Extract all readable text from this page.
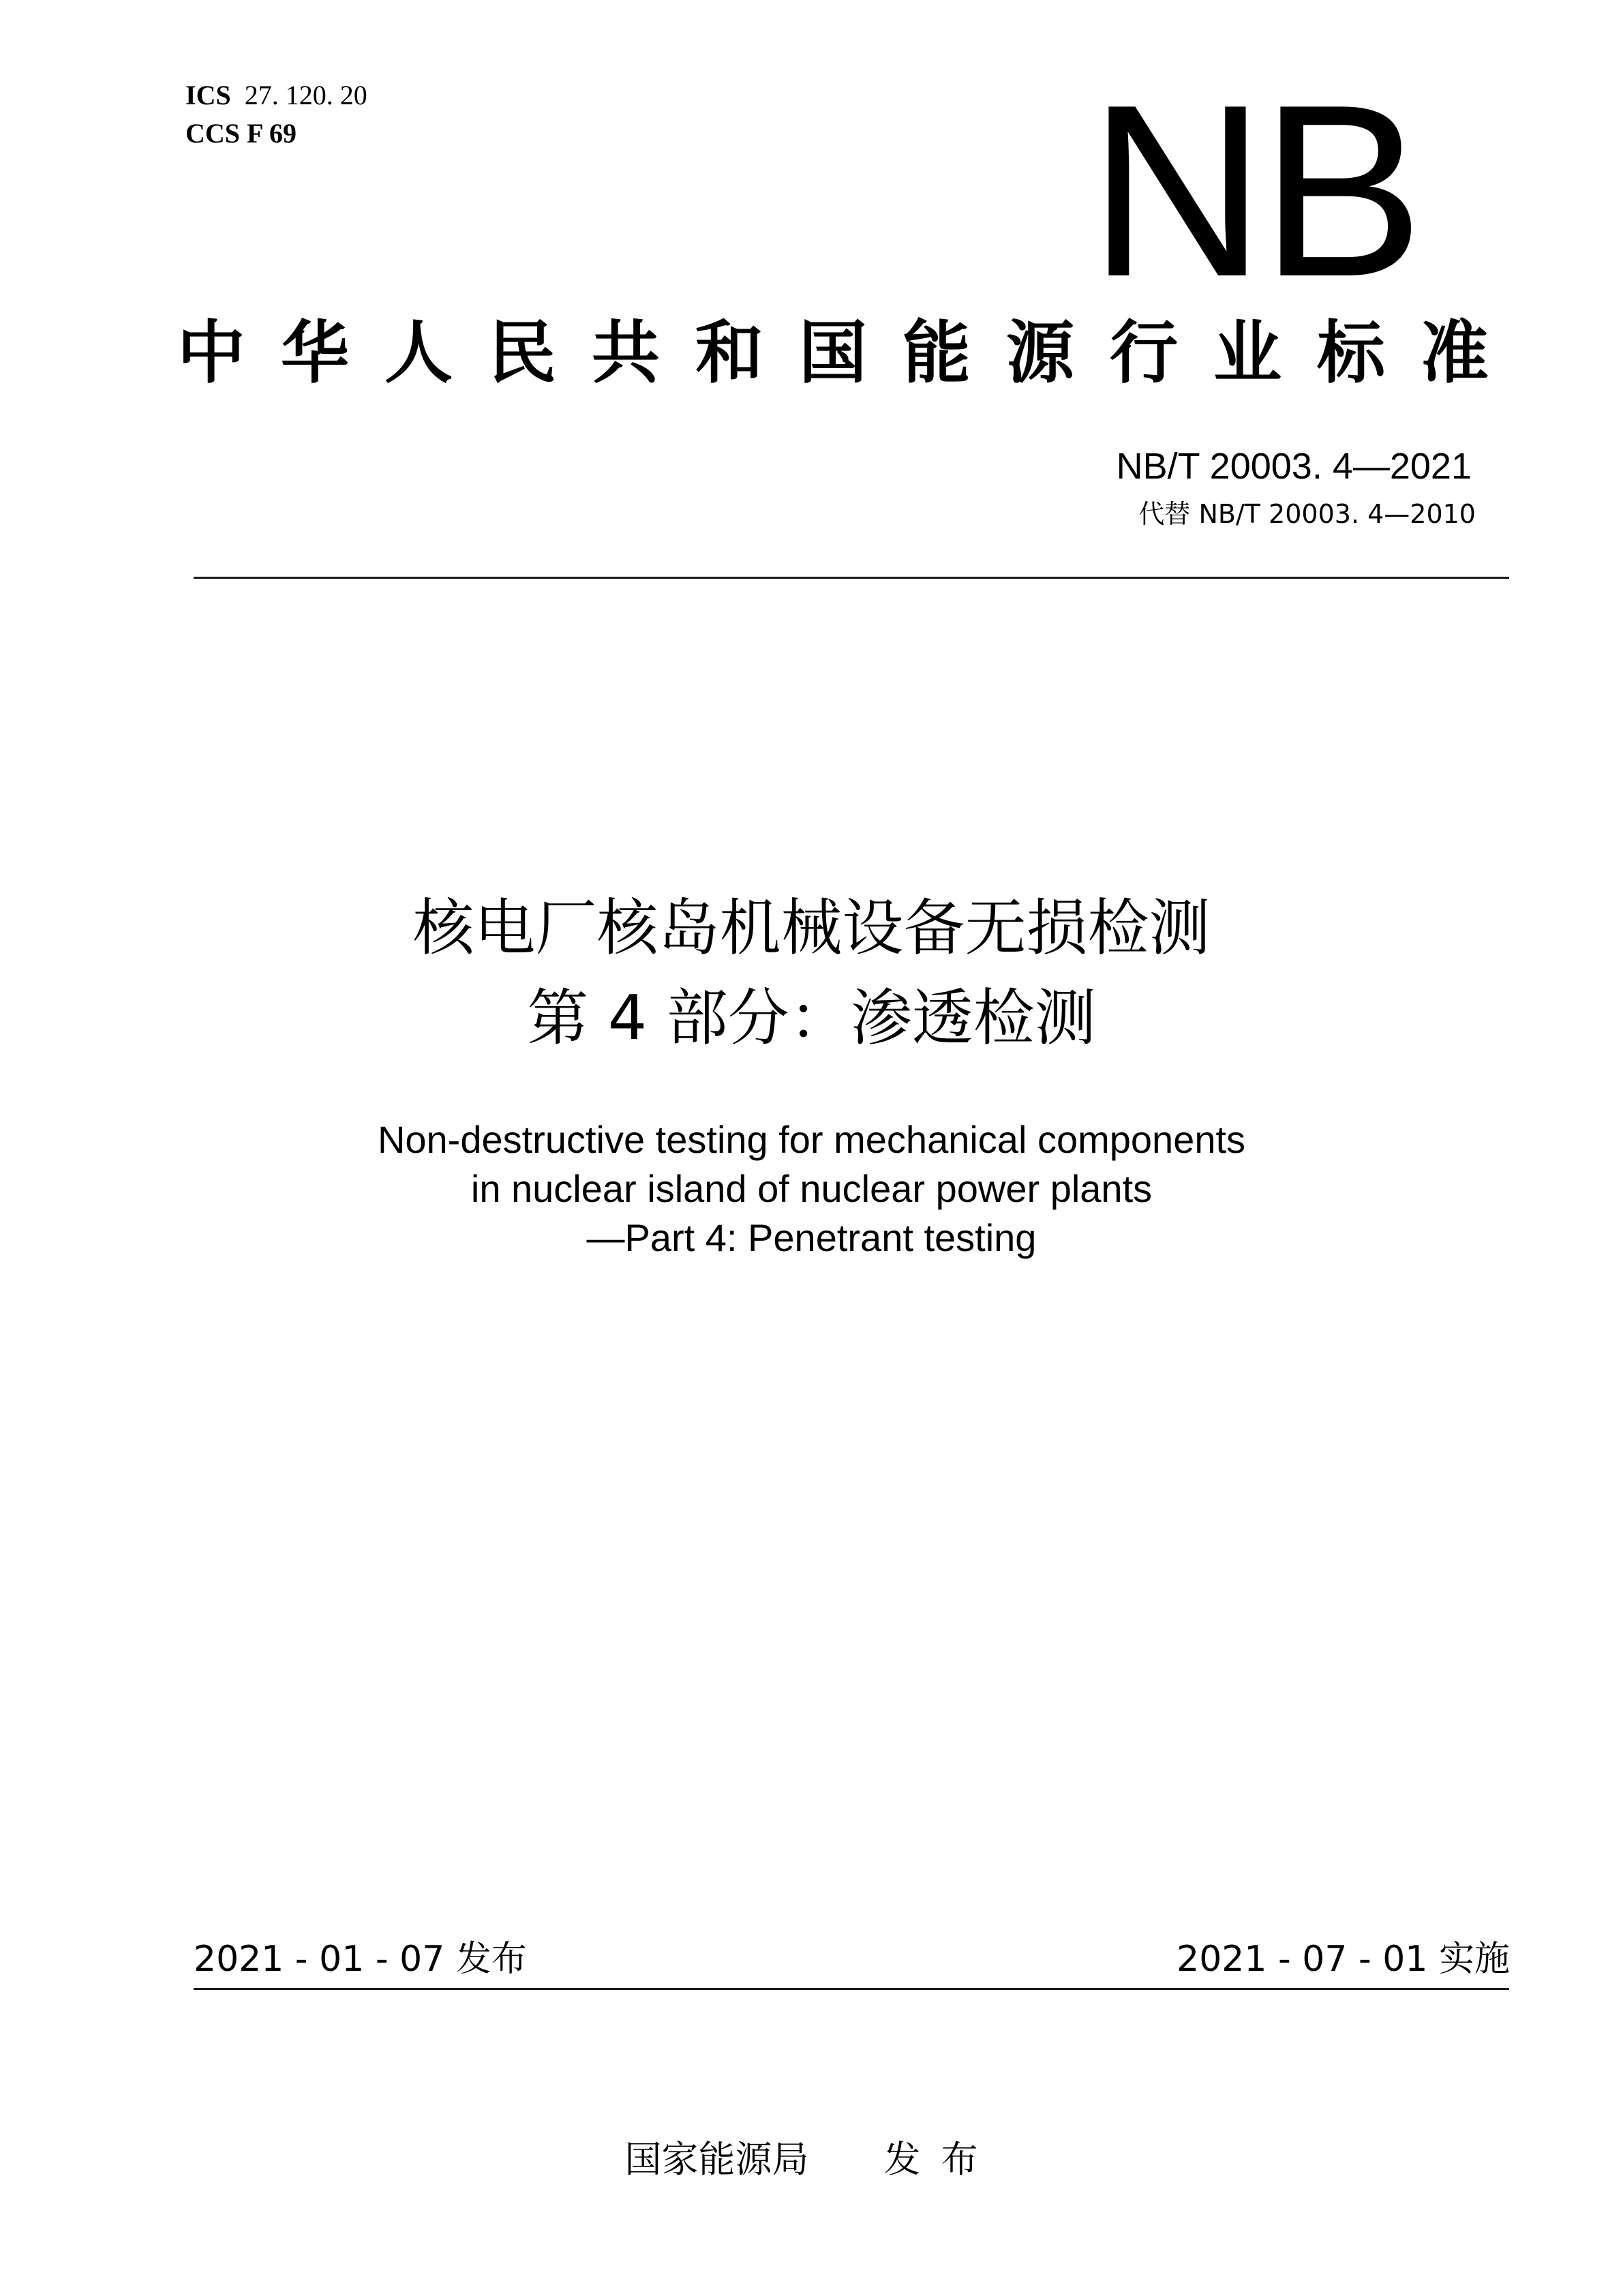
ICS 27. 120. 20
CCS F 69	NB
中华人民共和国能源行业标准
NB/T 20003. 4—2021
代替 NB/T 20003. 4—2010
核电厂核岛机械设备无损检测
第 4 部分：渗透检测
Non-destructive testing for mechanical components
in nuclear island of nuclear power plants
—Part 4: Penetrant testing
2021 - 01 - 07 发布	2021 - 07 - 01 实施
国家能源局 发布
